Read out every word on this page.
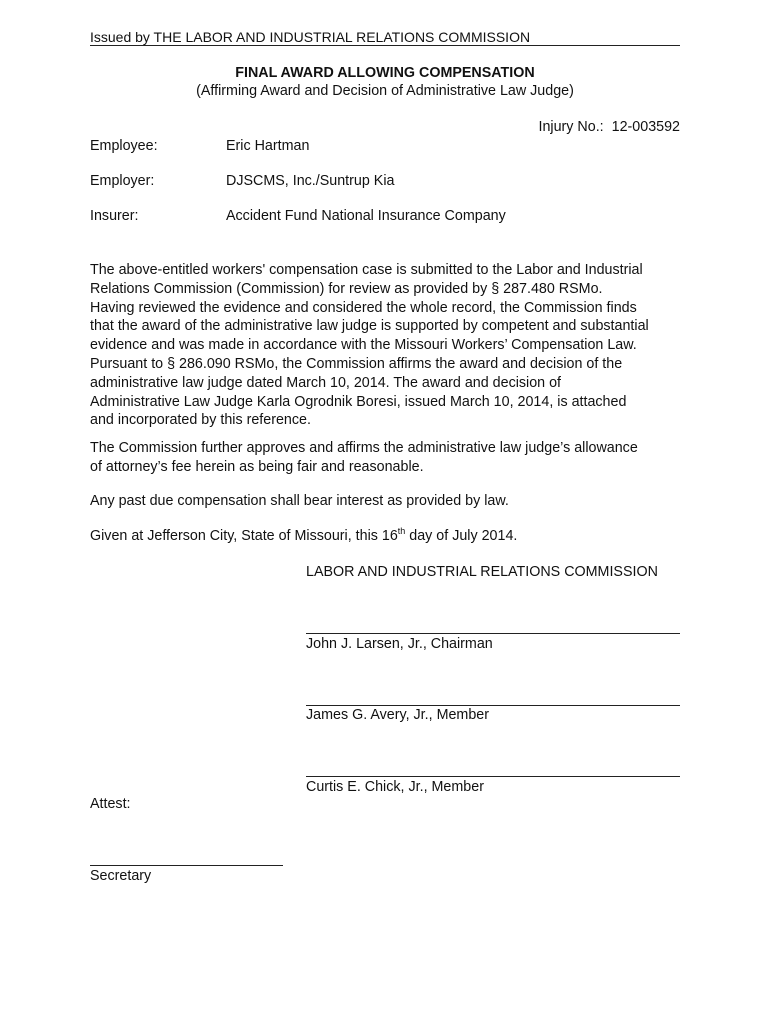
Issued by THE LABOR AND INDUSTRIAL RELATIONS COMMISSION
FINAL AWARD ALLOWING COMPENSATION
(Affirming Award and Decision of Administrative Law Judge)
Injury No.: 12-003592
Employee:	Eric Hartman
Employer:	DJSCMS, Inc./Suntrup Kia
Insurer:	Accident Fund National Insurance Company
The above-entitled workers' compensation case is submitted to the Labor and Industrial
Relations Commission (Commission) for review as provided by § 287.480 RSMo.
Having reviewed the evidence and considered the whole record, the Commission finds
that the award of the administrative law judge is supported by competent and substantial
evidence and was made in accordance with the Missouri Workers’ Compensation Law.
Pursuant to § 286.090 RSMo, the Commission affirms the award and decision of the
administrative law judge dated March 10, 2014. The award and decision of
Administrative Law Judge Karla Ogrodnik Boresi, issued March 10, 2014, is attached
and incorporated by this reference.
The Commission further approves and affirms the administrative law judge’s allowance
of attorney’s fee herein as being fair and reasonable.
Any past due compensation shall bear interest as provided by law.
Given at Jefferson City, State of Missouri, this 16th day of July 2014.
LABOR AND INDUSTRIAL RELATIONS COMMISSION
John J. Larsen, Jr., Chairman
James G. Avery, Jr., Member
Curtis E. Chick, Jr., Member
Attest:
Secretary
